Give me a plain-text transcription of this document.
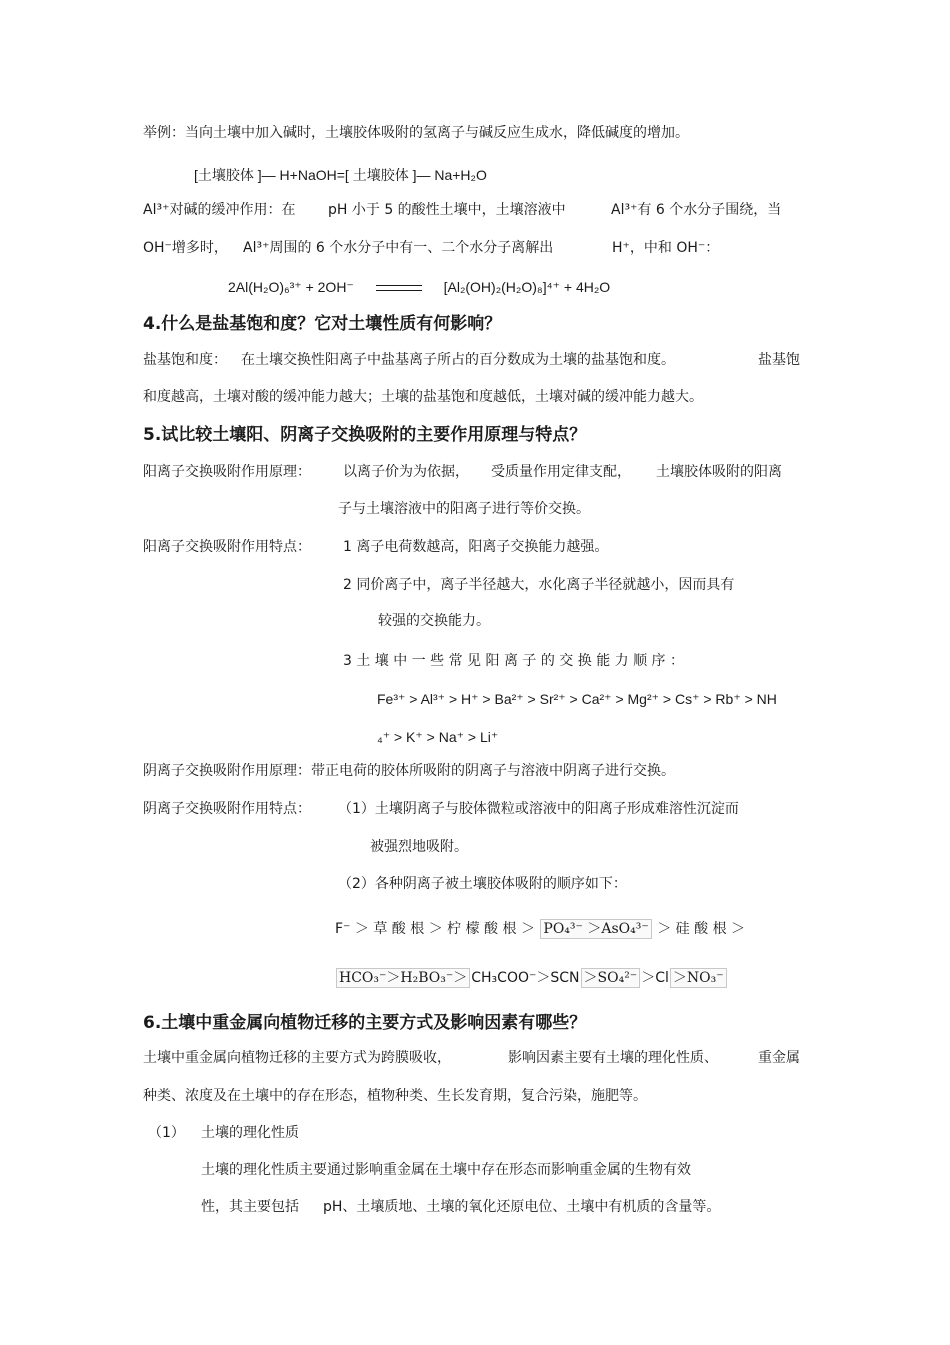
举例：当向土壤中加入碱时，土壤胶体吸附的氢离子与碱反应生成水，降低碱度的增加。
[土壤胶体 ]— H+NaOH=[ 土壤胶体 ]— Na+H₂O
Al³⁺对碱的缓冲作用：在 pH 小于 5 的酸性土壤中，土壤溶液中	Al³⁺有 6 个水分子围绕，当
OH⁻增多时， Al³⁺周围的 6 个水分子中有一、二个水分子离解出	H⁺，中和 OH⁻：
2Al(H₂O)₆³⁺ + 2OH⁻	[Al₂(OH)₂(H₂O)₈]⁴⁺ + 4H₂O
4.什么是盐基饱和度？它对土壤性质有何影响？
盐基饱和度： 在土壤交换性阳离子中盐基离子所占的百分数成为土壤的盐基饱和度。	盐基饱
和度越高，土壤对酸的缓冲能力越大；土壤的盐基饱和度越低，土壤对碱的缓冲能力越大。
5.试比较土壤阳、阴离子交换吸附的主要作用原理与特点？
阳离子交换吸附作用原理： 以离子价为为依据， 受质量作用定律支配， 土壤胶体吸附的阳离
子与土壤溶液中的阳离子进行等价交换。
阳离子交换吸附作用特点： 1 离子电荷数越高，阳离子交换能力越强。
2 同价离子中，离子半径越大，水化离子半径就越小，因而具有
较强的交换能力。
3 土 壤 中 一 些 常 见 阳 离 子 的 交 换 能 力 顺 序 ：
Fe³⁺ > Al³⁺ > H⁺ > Ba²⁺ > Sr²⁺ > Ca²⁺ > Mg²⁺ > Cs⁺ > Rb⁺ > NH
₄⁺ > K⁺ > Na⁺ > Li⁺
阴离子交换吸附作用原理：带正电荷的胶体所吸附的阴离子与溶液中阴离子进行交换。
阴离子交换吸附作用特点： （1）土壤阴离子与胶体微粒或溶液中的阳离子形成难溶性沉淀而
被强烈地吸附。
（2）各种阴离子被土壤胶体吸附的顺序如下：
F⁻ ＞ 草 酸 根 ＞ 柠 檬 酸 根 ＞ PO₄³⁻ ＞AsO₄³⁻ ＞ 硅 酸 根 ＞
HCO₃⁻＞H₂BO₃⁻＞ CH₃COO⁻＞SCN ＞SO₄²⁻ ＞Cl ＞NO₃⁻
6.土壤中重金属向植物迁移的主要方式及影响因素有哪些？
土壤中重金属向植物迁移的主要方式为跨膜吸收，	影响因素主要有土壤的理化性质、	重金属
种类、浓度及在土壤中的存在形态，植物种类、生长发育期，复合污染，施肥等。
（1） 土壤的理化性质
土壤的理化性质主要通过影响重金属在土壤中存在形态而影响重金属的生物有效
性，其主要包括 pH、土壤质地、土壤的氧化还原电位、土壤中有机质的含量等。
